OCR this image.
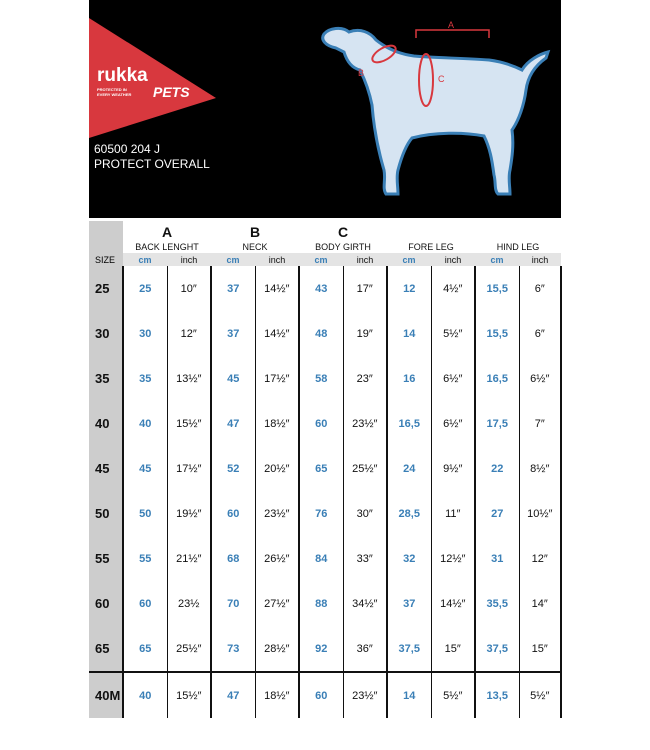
rukka
PROTECTED IN EVERY WEATHER	PETS
60500 204 J
PROTECT OVERALL
A
B
C
	A		B		C					
	BACK LENGHT		NECK		BODY GIRTH		FORE LEG		HIND LEG	
SIZE	cm	inch	cm	inch	cm	inch	cm	inch	cm	inch
25	25	10″	37	14½″	43	17″	12	4½″	15,5	6″
30	30	12″	37	14½″	48	19″	14	5½″	15,5	6″
35	35	13½″	45	17½″	58	23″	16	6½″	16,5	6½″
40	40	15½″	47	18½″	60	23½″	16,5	6½″	17,5	7″
45	45	17½″	52	20½″	65	25½″	24	9½″	22	8½″
50	50	19½″	60	23½″	76	30″	28,5	11″	27	10½″
55	55	21½″	68	26½″	84	33″	32	12½″	31	12″
60	60	23½	70	27½″	88	34½″	37	14½″	35,5	14″
65	65	25½″	73	28½″	92	36″	37,5	15″	37,5	15″
40M	40	15½″	47	18½″	60	23½″	14	5½″	13,5	5½″
